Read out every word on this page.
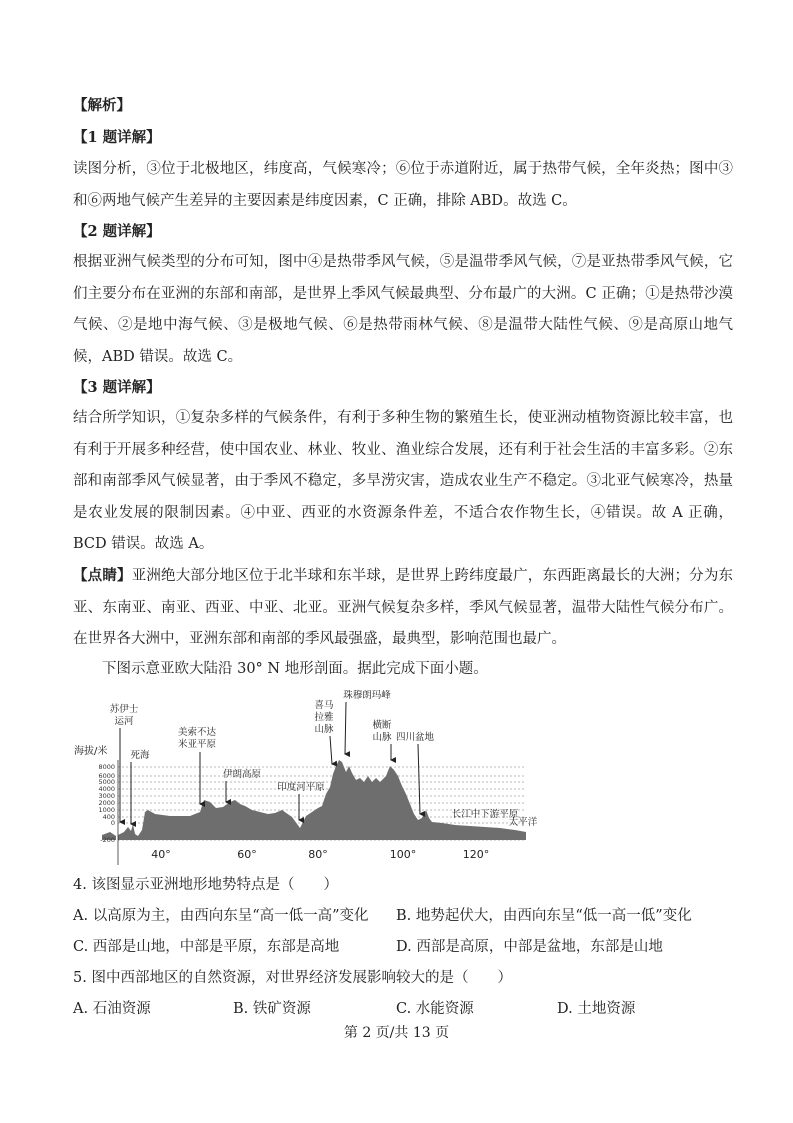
【解析】

【1 题详解】

读图分析，③位于北极地区，纬度高，气候寒冷；⑥位于赤道附近，属于热带气候，全年炎热；图中③和⑥两地气候产生差异的主要因素是纬度因素，C 正确，排除 ABD。故选 C。

【2 题详解】

根据亚洲气候类型的分布可知，图中④是热带季风气候，⑤是温带季风气候，⑦是亚热带季风气候，它们主要分布在亚洲的东部和南部，是世界上季风气候最典型、分布最广的大洲。C 正确；①是热带沙漠气候、②是地中海气候、③是极地气候、⑥是热带雨林气候、⑧是温带大陆性气候、⑨是高原山地气候，ABD 错误。故选 C。

【3 题详解】

结合所学知识，①复杂多样的气候条件，有利于多种生物的繁殖生长，使亚洲动植物资源比较丰富，也有利于开展多种经营，使中国农业、林业、牧业、渔业综合发展，还有利于社会生活的丰富多彩。②东部和南部季风气候显著，由于季风不稳定，多旱涝灾害，造成农业生产不稳定。③北亚气候寒冷，热量是农业发展的限制因素。④中亚、西亚的水资源条件差，不适合农作物生长，④错误。故 A 正确，BCD 错误。故选 A。

【点睛】亚洲绝大部分地区位于北半球和东半球，是世界上跨纬度最广，东西距离最长的大洲；分为东亚、东南亚、南亚、西亚、中亚、北亚。亚洲气候复杂多样，季风气候显著，温带大陆性气候分布广。在世界各大洲中，亚洲东部和南部的季风最强盛，最典型，影响范围也最广。

下图示意亚欧大陆沿 30° N 地形剖面。据此完成下面小题。

8000
6000
5000
4000
3000
2000
1000
400
0
-200
海拔/米
40°	60°	80°	100°	120°
苏伊士
运河
死海
美索不达
米亚平原
伊朗高原
印度河平原
喜马
拉雅
山脉
珠穆朗玛峰
横断
山脉 四川盆地
长江中下游平原
太平洋

4. 该图显示亚洲地形地势特点是（　　）

A. 以高原为主，由西向东呈“高一低一高”变化 B. 地势起伏大，由西向东呈“低一高一低”变化
C. 西部是山地，中部是平原，东部是高地	D. 西部是高原，中部是盆地，东部是山地

5. 图中西部地区的自然资源，对世界经济发展影响较大的是（　　）

A. 石油资源	B. 铁矿资源	C. 水能资源	D. 土地资源
第 2 页/共 13 页
